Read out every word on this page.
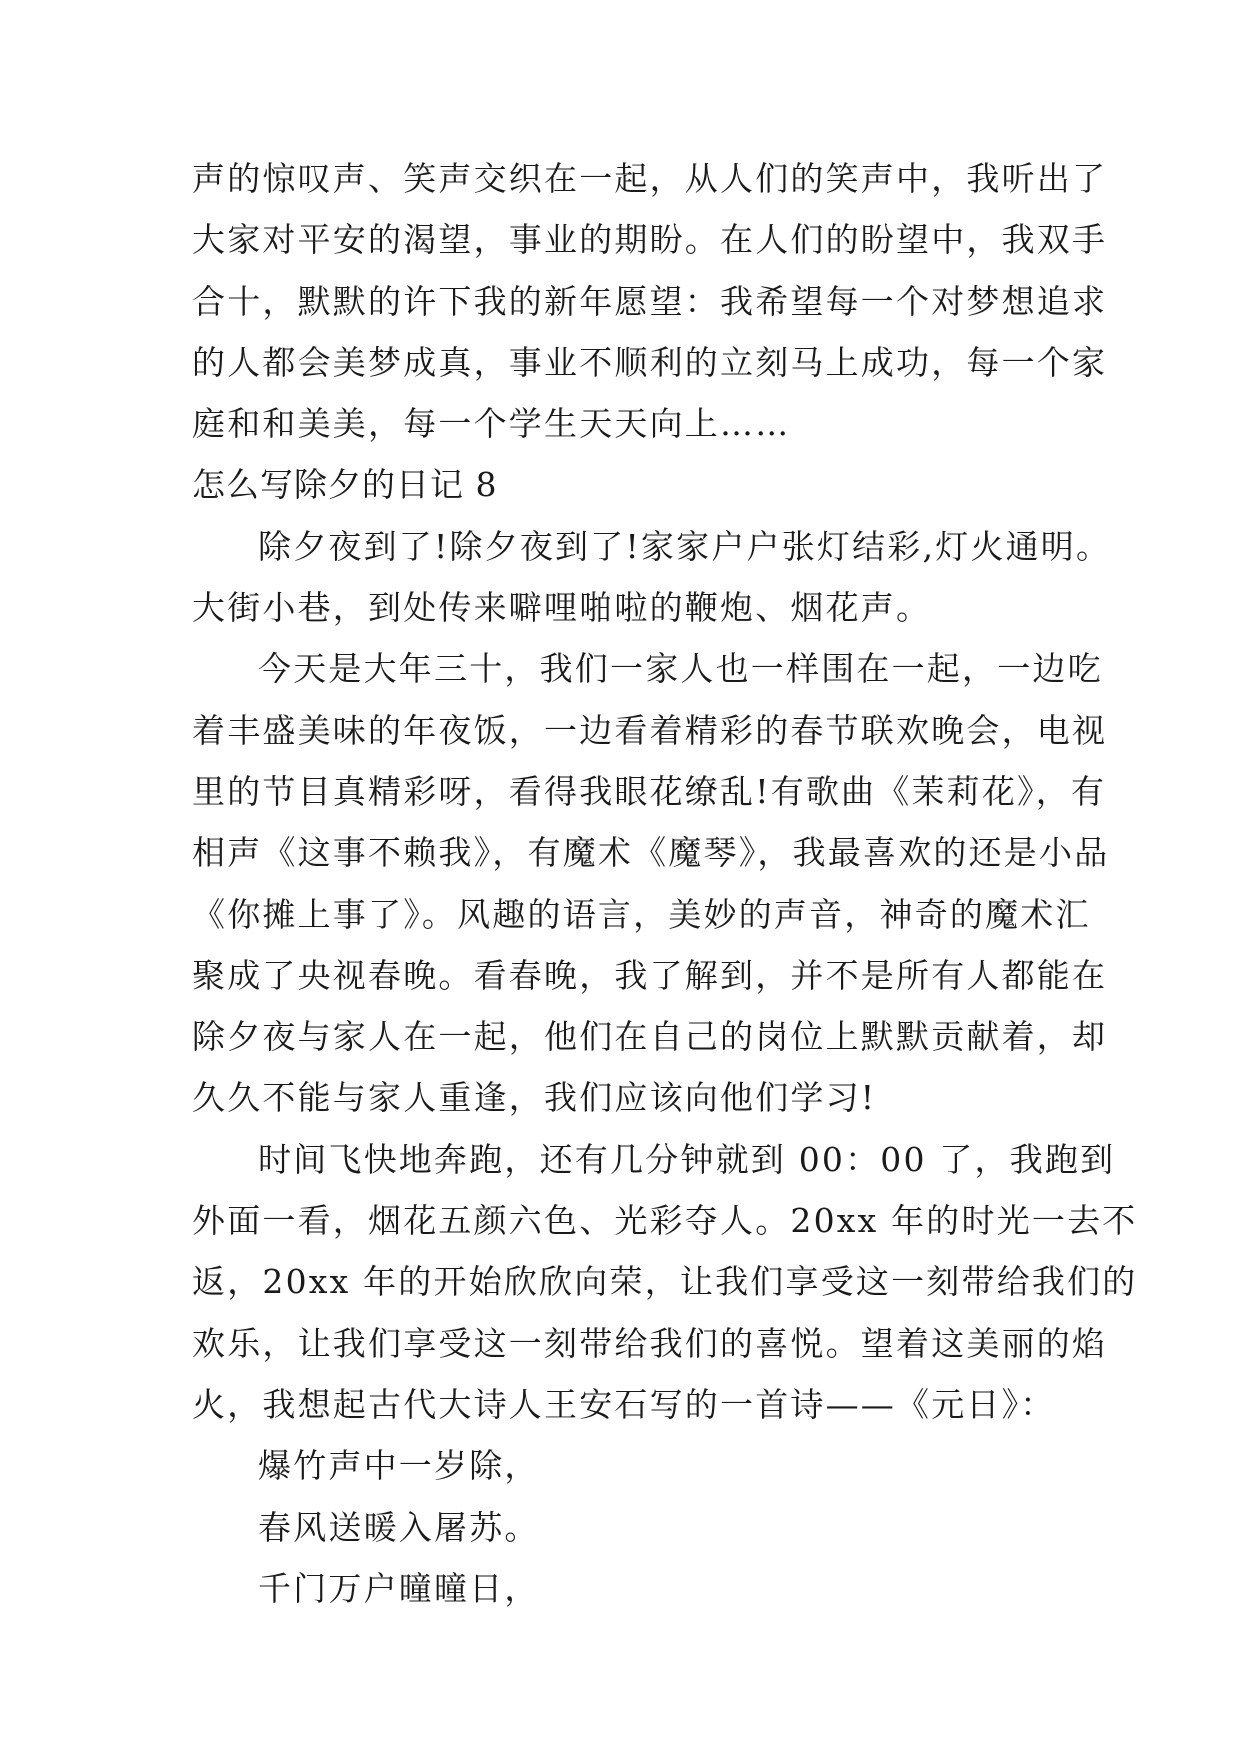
声的惊叹声、笑声交织在一起，从人们的笑声中，我听出了
大家对平安的渴望，事业的期盼。在人们的盼望中，我双手
合十，默默的许下我的新年愿望：我希望每一个对梦想追求
的人都会美梦成真，事业不顺利的立刻马上成功，每一个家
庭和和美美，每一个学生天天向上……
怎么写除夕的日记 8
除夕夜到了!除夕夜到了!家家户户张灯结彩,灯火通明。
大街小巷，到处传来噼哩啪啦的鞭炮、烟花声。
今天是大年三十，我们一家人也一样围在一起，一边吃
着丰盛美味的年夜饭，一边看着精彩的春节联欢晚会，电视
里的节目真精彩呀，看得我眼花缭乱!有歌曲《茉莉花》，有
相声《这事不赖我》，有魔术《魔琴》，我最喜欢的还是小品
《你摊上事了》。风趣的语言，美妙的声音，神奇的魔术汇
聚成了央视春晚。看春晚，我了解到，并不是所有人都能在
除夕夜与家人在一起，他们在自己的岗位上默默贡献着，却
久久不能与家人重逢，我们应该向他们学习!
时间飞快地奔跑，还有几分钟就到 00：00 了，我跑到
外面一看，烟花五颜六色、光彩夺人。20xx 年的时光一去不
返，20xx 年的开始欣欣向荣，让我们享受这一刻带给我们的
欢乐，让我们享受这一刻带给我们的喜悦。望着这美丽的焰
火，我想起古代大诗人王安石写的一首诗——《元日》：
爆竹声中一岁除，
春风送暖入屠苏。
千门万户曈曈日，
